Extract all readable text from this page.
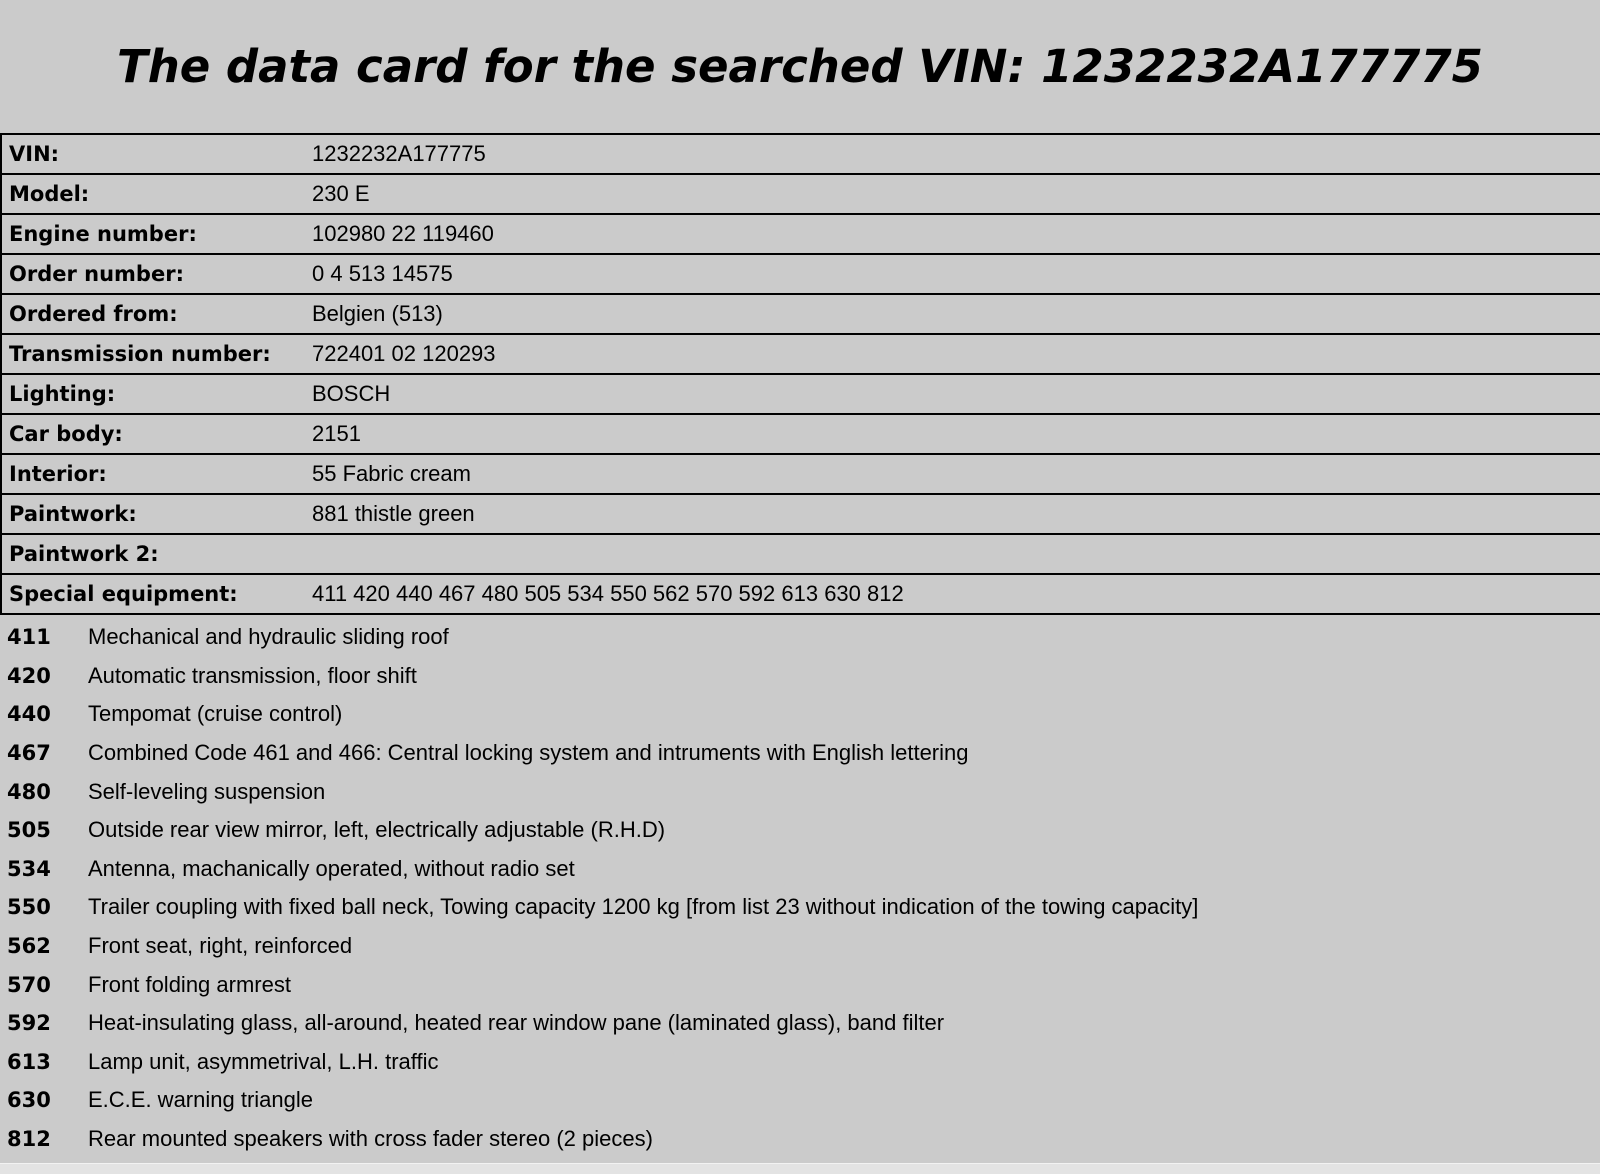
The data card for the searched VIN: 1232232A177775
VIN:	1232232A177775
Model:	230 E
Engine number:	102980 22 119460
Order number:	0 4 513 14575
Ordered from:	Belgien (513)
Transmission number:	722401 02 120293
Lighting:	BOSCH
Car body:	2151
Interior:	55 Fabric cream
Paintwork:	881 thistle green
Paintwork 2:
Special equipment:	411 420 440 467 480 505 534 550 562 570 592 613 630 812
411	Mechanical and hydraulic sliding roof
420	Automatic transmission, floor shift
440	Tempomat (cruise control)
467	Combined Code 461 and 466: Central locking system and intruments with English lettering
480	Self-leveling suspension
505	Outside rear view mirror, left, electrically adjustable (R.H.D)
534	Antenna, machanically operated, without radio set
550	Trailer coupling with fixed ball neck, Towing capacity 1200 kg [from list 23 without indication of the towing capacity]
562	Front seat, right, reinforced
570	Front folding armrest
592	Heat-insulating glass, all-around, heated rear window pane (laminated glass), band filter
613	Lamp unit, asymmetrival, L.H. traffic
630	E.C.E. warning triangle
812	Rear mounted speakers with cross fader stereo (2 pieces)
